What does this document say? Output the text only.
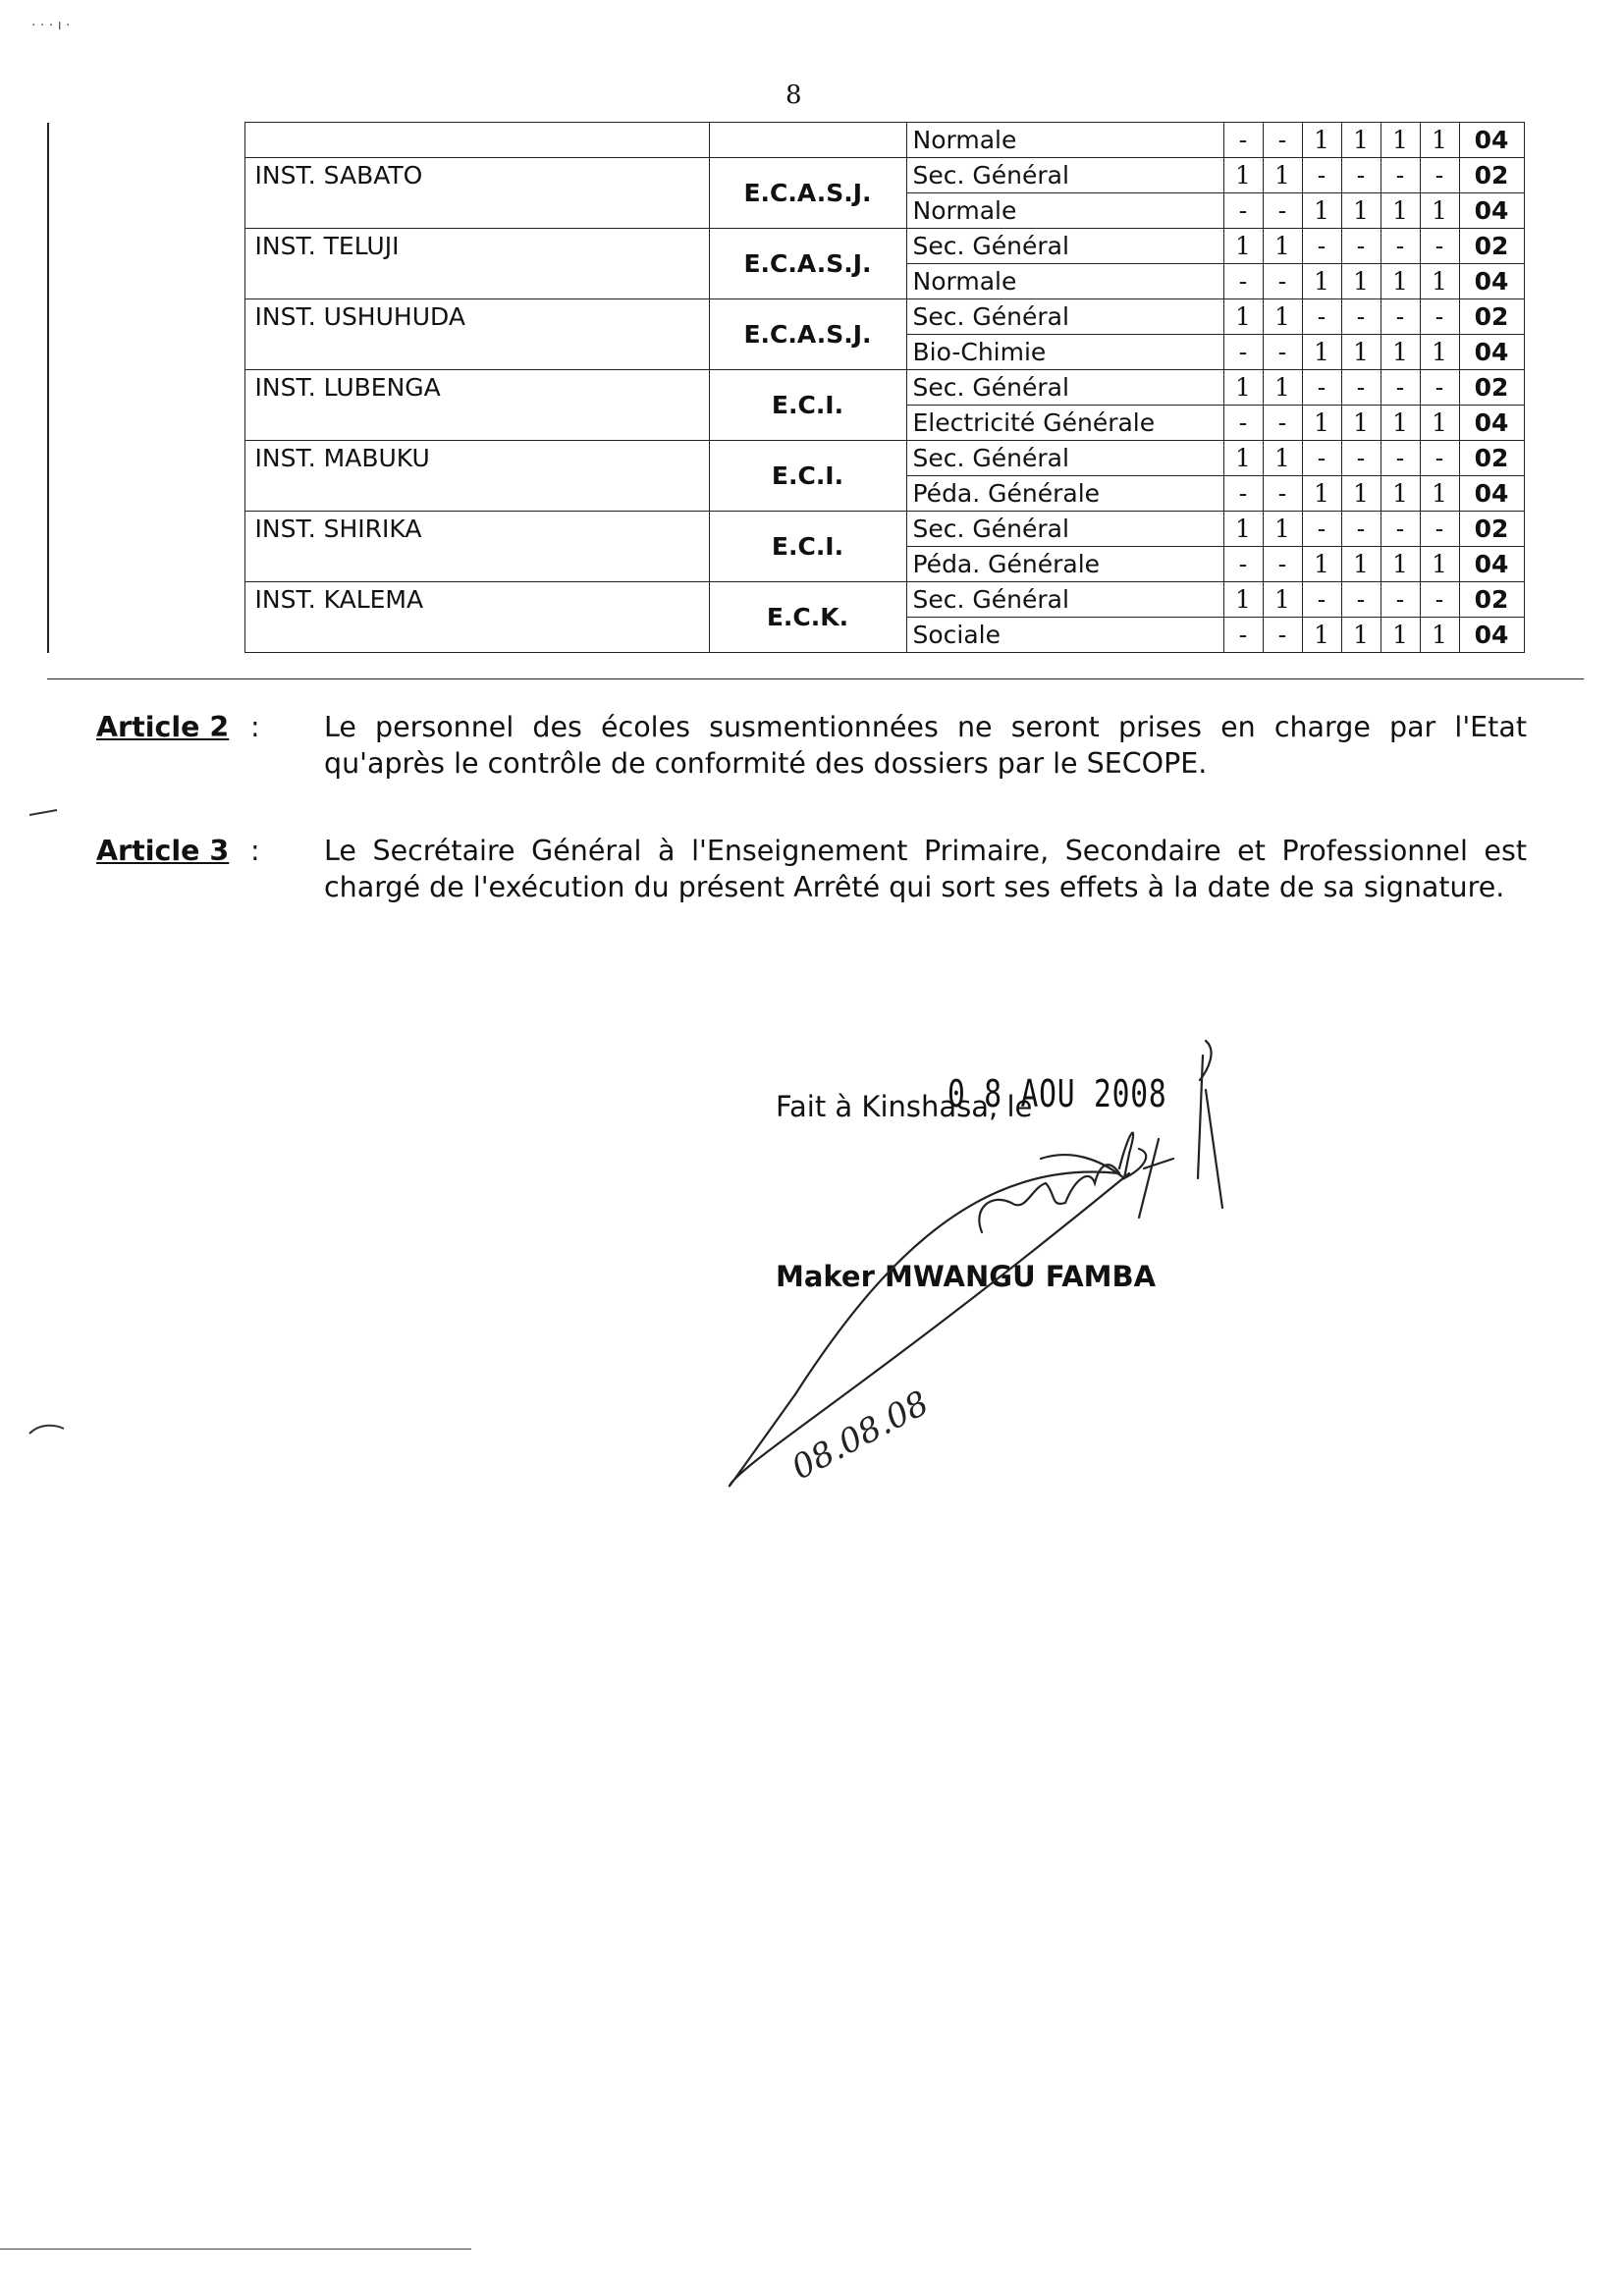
· · · ı ·
8
			Normale	-	-	1	1	1	1	04
	INST. SABATO	E.C.A.S.J.	Sec. Général	1	1	-	-	-	-	02
			Normale	-	-	1	1	1	1	04
	INST. TELUJI	E.C.A.S.J.	Sec. Général	1	1	-	-	-	-	02
			Normale	-	-	1	1	1	1	04
	INST. USHUHUDA	E.C.A.S.J.	Sec. Général	1	1	-	-	-	-	02
			Bio-Chimie	-	-	1	1	1	1	04
	INST. LUBENGA	E.C.I.	Sec. Général	1	1	-	-	-	-	02
			Electricité Générale	-	-	1	1	1	1	04
	INST. MABUKU	E.C.I.	Sec. Général	1	1	-	-	-	-	02
			Péda. Générale	-	-	1	1	1	1	04
	INST. SHIRIKA	E.C.I.	Sec. Général	1	1	-	-	-	-	02
			Péda. Générale	-	-	1	1	1	1	04
	INST. KALEMA	E.C.K.	Sec. Général	1	1	-	-	-	-	02
			Sociale	-	-	1	1	1	1	04
Article 2 : Le personnel des écoles susmentionnées ne seront prises en charge par l'Etat qu'après le contrôle de conformité des dossiers par le SECOPE.
Article 3 : Le Secrétaire Général à l'Enseignement Primaire, Secondaire et Professionnel est chargé de l'exécution du présent Arrêté qui sort ses effets à la date de sa signature.
Fait à Kinshasa, le
0 8 AOU 2008
Maker MWANGU FAMBA
08.08.08
